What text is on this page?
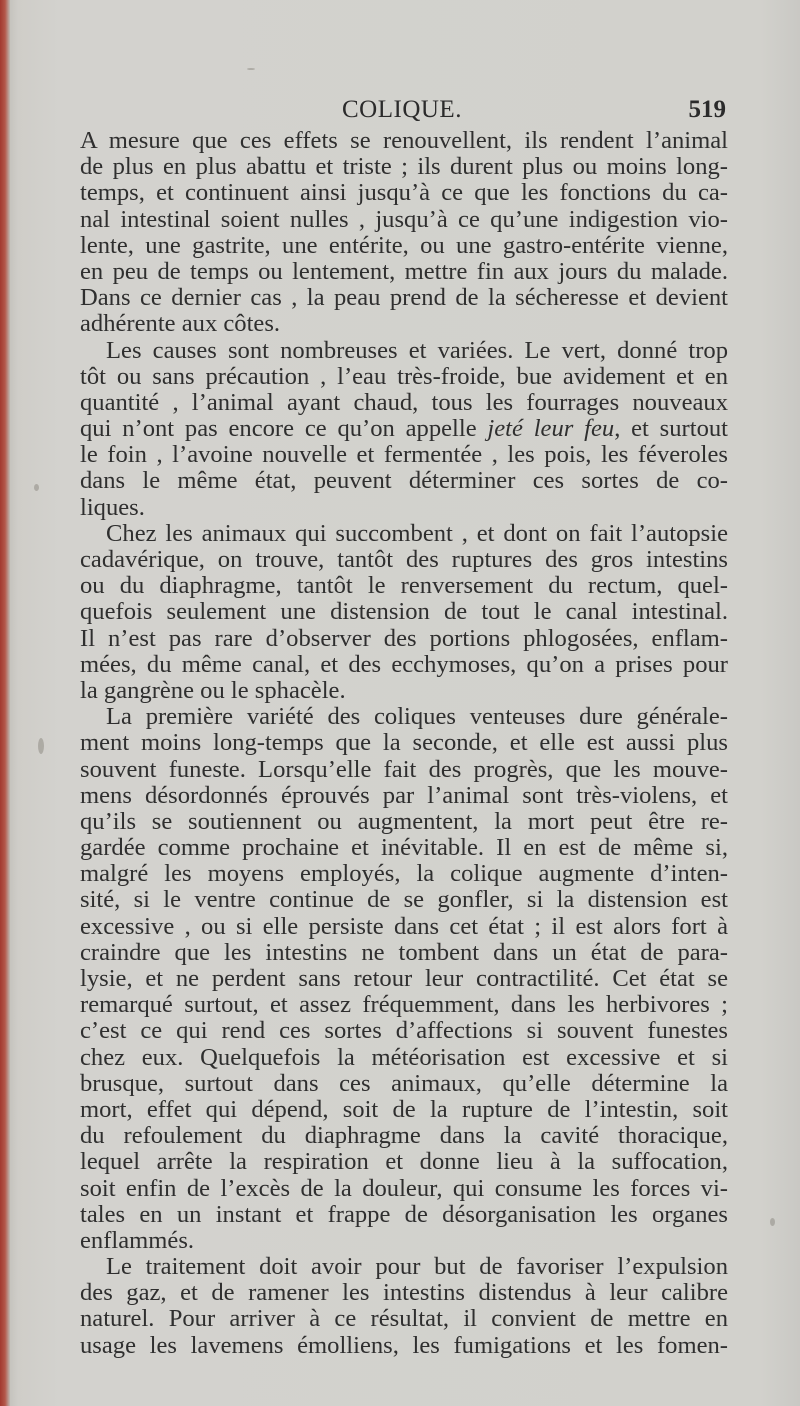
COLIQUE.	519
A mesure que ces effets se renouvellent, ils rendent l’animal
de plus en plus abattu et triste ; ils durent plus ou moins long-
temps, et continuent ainsi jusqu’à ce que les fonctions du ca-
nal intestinal soient nulles , jusqu’à ce qu’une indigestion vio-
lente, une gastrite, une entérite, ou une gastro-entérite vienne,
en peu de temps ou lentement, mettre fin aux jours du malade.
Dans ce dernier cas , la peau prend de la sécheresse et devient
adhérente aux côtes.
Les causes sont nombreuses et variées. Le vert, donné trop
tôt ou sans précaution , l’eau très-froide, bue avidement et en
quantité , l’animal ayant chaud, tous les fourrages nouveaux
qui n’ont pas encore ce qu’on appelle jeté leur feu, et surtout
le foin , l’avoine nouvelle et fermentée , les pois, les féveroles
dans le même état, peuvent déterminer ces sortes de co-
liques.
Chez les animaux qui succombent , et dont on fait l’autopsie
cadavérique, on trouve, tantôt des ruptures des gros intestins
ou du diaphragme, tantôt le renversement du rectum, quel-
quefois seulement une distension de tout le canal intestinal.
Il n’est pas rare d’observer des portions phlogosées, enflam-
mées, du même canal, et des ecchymoses, qu’on a prises pour
la gangrène ou le sphacèle.
La première variété des coliques venteuses dure générale-
ment moins long-temps que la seconde, et elle est aussi plus
souvent funeste. Lorsqu’elle fait des progrès, que les mouve-
mens désordonnés éprouvés par l’animal sont très-violens, et
qu’ils se soutiennent ou augmentent, la mort peut être re-
gardée comme prochaine et inévitable. Il en est de même si,
malgré les moyens employés, la colique augmente d’inten-
sité, si le ventre continue de se gonfler, si la distension est
excessive , ou si elle persiste dans cet état ; il est alors fort à
craindre que les intestins ne tombent dans un état de para-
lysie, et ne perdent sans retour leur contractilité. Cet état se
remarqué surtout, et assez fréquemment, dans les herbivores ;
c’est ce qui rend ces sortes d’affections si souvent funestes
chez eux. Quelquefois la météorisation est excessive et si
brusque, surtout dans ces animaux, qu’elle détermine la
mort, effet qui dépend, soit de la rupture de l’intestin, soit
du refoulement du diaphragme dans la cavité thoracique,
lequel arrête la respiration et donne lieu à la suffocation,
soit enfin de l’excès de la douleur, qui consume les forces vi-
tales en un instant et frappe de désorganisation les organes
enflammés.
Le traitement doit avoir pour but de favoriser l’expulsion
des gaz, et de ramener les intestins distendus à leur calibre
naturel. Pour arriver à ce résultat, il convient de mettre en
usage les lavemens émolliens, les fumigations et les fomen-
